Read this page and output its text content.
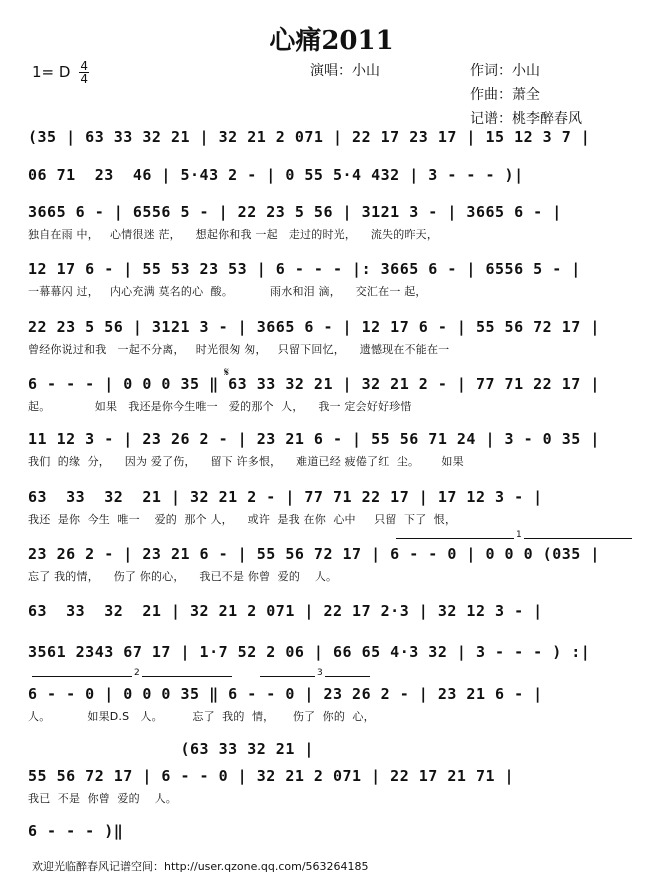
心痛2011
1= D $\frac{4}{4}$	演唱：小山	作词：小山
作曲：萧全
记谱：桃李醉春风
(35 | 63 33 32 21 | 32 21 2 071 | 22 17 23 17 | 15 12 3 7 |
06 71  23  46 | 5·43 2 - | 0 55 5·4 432 | 3 - - - )|
3665 6 - | 6556 5 - | 22 23 5 56 | 3121 3 - | 3665 6 - |
独自在雨 中，   心情很迷 茫，    想起你和我 一起   走过的时光，    流失的昨天，
12 17 6 - | 55 53 23 53 | 6 - - - |: 3665 6 - | 6556 5 - |
一幕幕闪 过，   内心充满 莫名的心  酸。          雨水和泪 滴，    交汇在一 起，
22 23 5 56 | 3121 3 - | 3665 6 - | 12 17 6 - | 55 56 72 17 |
曾经你说过和我   一起不分离，   时光很匆 匆，   只留下回忆，    遗憾现在不能在一
6 - - - | 0 0 0 35 ‖ 63 33 32 21 | 32 21 2 - | 77 71 22 17 |
起。            如果   我还是你今生唯一   爱的那个  人，    我一 定会好好珍惜
𝄋
11 12 3 - | 23 26 2 - | 23 21 6 - | 55 56 71 24 | 3 - 0 35 |
我们  的缘  分，    因为 爱了伤，    留下 许多恨，    难道已经 疲倦了红  尘。      如果
63  33  32  21 | 32 21 2 - | 77 71 22 17 | 17 12 3 - |
我还  是你  今生  唯一    爱的  那个 人，    或许  是我 在你  心中     只留  下了  恨，
1
23 26 2 - | 23 21 6 - | 55 56 72 17 | 6 - - 0 | 0 0 0 (035 |
忘了 我的情，    伤了 你的心，    我已不是 你曾  爱的    人。
63  33  32  21 | 32 21 2 071 | 22 17 2·3 | 32 12 3 - |
3561 2343 67 17 | 1·7 52 2 06 | 66 65 4·3 32 | 3 - - - ) :|
2	3
6 - - 0 | 0 0 0 35 ‖ 6 - - 0 | 23 26 2 - | 23 21 6 - |
人。          如果D.S   人。        忘了  我的  情，     伤了  你的  心，
(63 33 32 21 |
55 56 72 17 | 6 - - 0 | 32 21 2 071 | 22 17 21 71 |
我已  不是  你曾  爱的    人。
6 - - - )‖
欢迎光临醉春风记谱空间：http://user.qzone.qq.com/563264185
